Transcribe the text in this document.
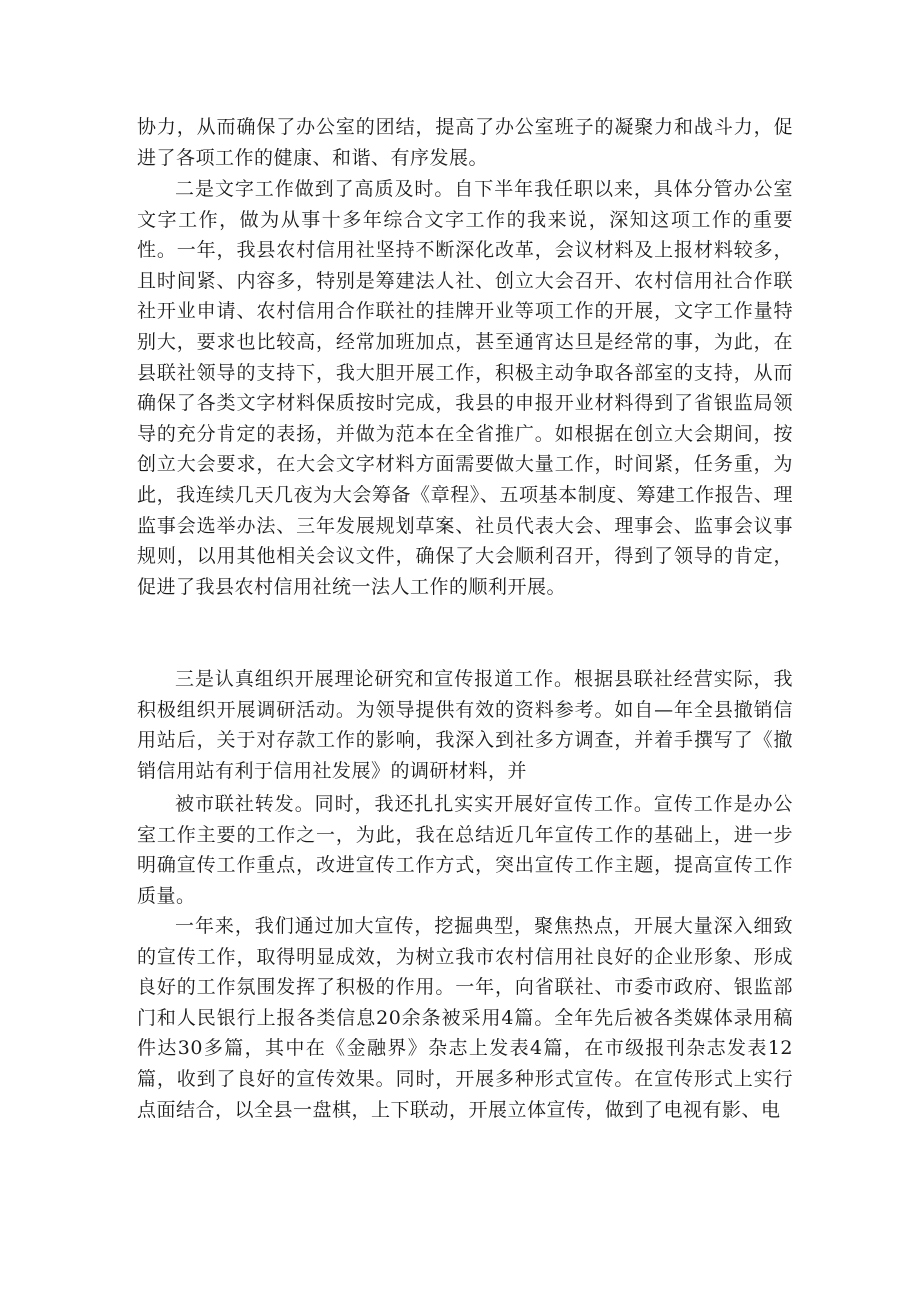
协力，从而确保了办公室的团结，提高了办公室班子的凝聚力和战斗力，促进了各项工作的健康、和谐、有序发展。

二是文字工作做到了高质及时。自下半年我任职以来，具体分管办公室文字工作，做为从事十多年综合文字工作的我来说，深知这项工作的重要性。一年，我县农村信用社坚持不断深化改革，会议材料及上报材料较多，且时间紧、内容多，特别是筹建法人社、创立大会召开、农村信用社合作联社开业申请、农村信用合作联社的挂牌开业等项工作的开展，文字工作量特别大，要求也比较高，经常加班加点，甚至通宵达旦是经常的事，为此，在县联社领导的支持下，我大胆开展工作，积极主动争取各部室的支持，从而确保了各类文字材料保质按时完成，我县的申报开业材料得到了省银监局领导的充分肯定的表扬，并做为范本在全省推广。如根据在创立大会期间，按创立大会要求，在大会文字材料方面需要做大量工作，时间紧，任务重，为此，我连续几天几夜为大会筹备《章程》、五项基本制度、筹建工作报告、理监事会选举办法、三年发展规划草案、社员代表大会、理事会、监事会议事规则，以用其他相关会议文件，确保了大会顺利召开，得到了领导的肯定，促进了我县农村信用社统一法人工作的顺利开展。

三是认真组织开展理论研究和宣传报道工作。根据县联社经营实际，我积极组织开展调研活动。为领导提供有效的资料参考。如自—年全县撤销信用站后，关于对存款工作的影响，我深入到社多方调查，并着手撰写了《撤销信用站有利于信用社发展》的调研材料，并

被市联社转发。同时，我还扎扎实实开展好宣传工作。宣传工作是办公室工作主要的工作之一，为此，我在总结近几年宣传工作的基础上，进一步明确宣传工作重点，改进宣传工作方式，突出宣传工作主题，提高宣传工作质量。

一年来，我们通过加大宣传，挖掘典型，聚焦热点，开展大量深入细致的宣传工作，取得明显成效，为树立我市农村信用社良好的企业形象、形成良好的工作氛围发挥了积极的作用。一年，向省联社、市委市政府、银监部门和人民银行上报各类信息20余条被采用4篇。全年先后被各类媒体录用稿件达30多篇，其中在《金融界》杂志上发表4篇，在市级报刊杂志发表12篇，收到了良好的宣传效果。同时，开展多种形式宣传。在宣传形式上实行点面结合，以全县一盘棋，上下联动，开展立体宣传，做到了电视有影、电
